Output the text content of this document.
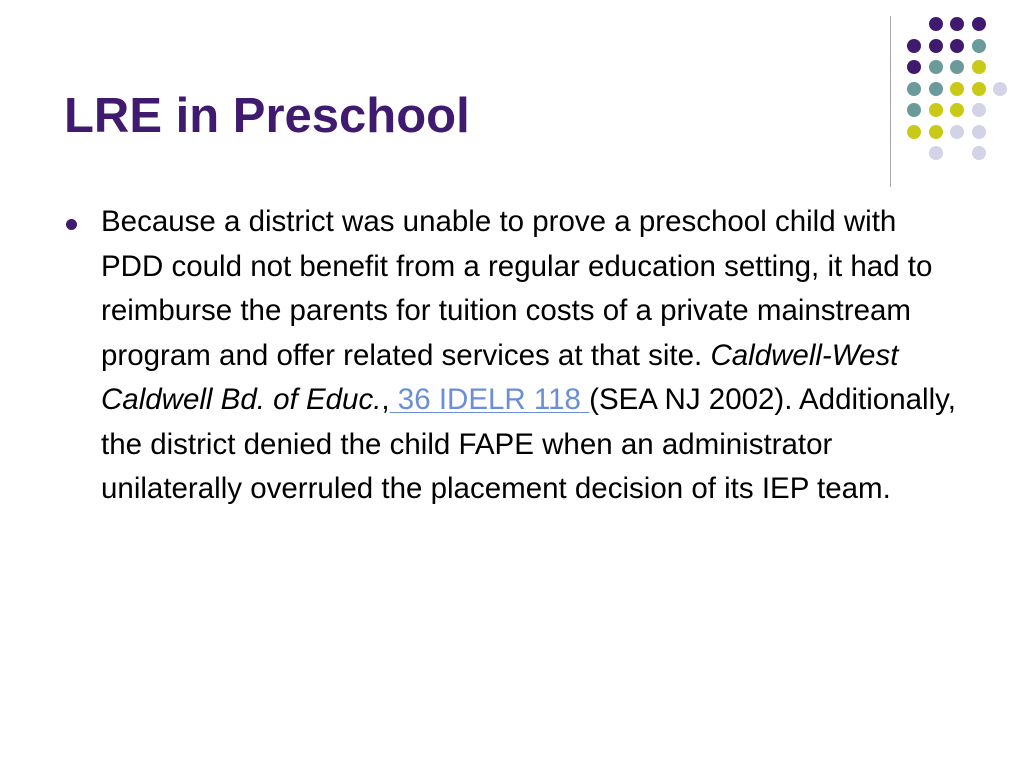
LRE in Preschool
Because a district was unable to prove a preschool child with PDD could not benefit from a regular education setting, it had to reimburse the parents for tuition costs of a private mainstream program and offer related services at that site. Caldwell-West Caldwell Bd. of Educ., 36 IDELR 118 (SEA NJ 2002). Additionally, the district denied the child FAPE when an administrator unilaterally overruled the placement decision of its IEP team.
